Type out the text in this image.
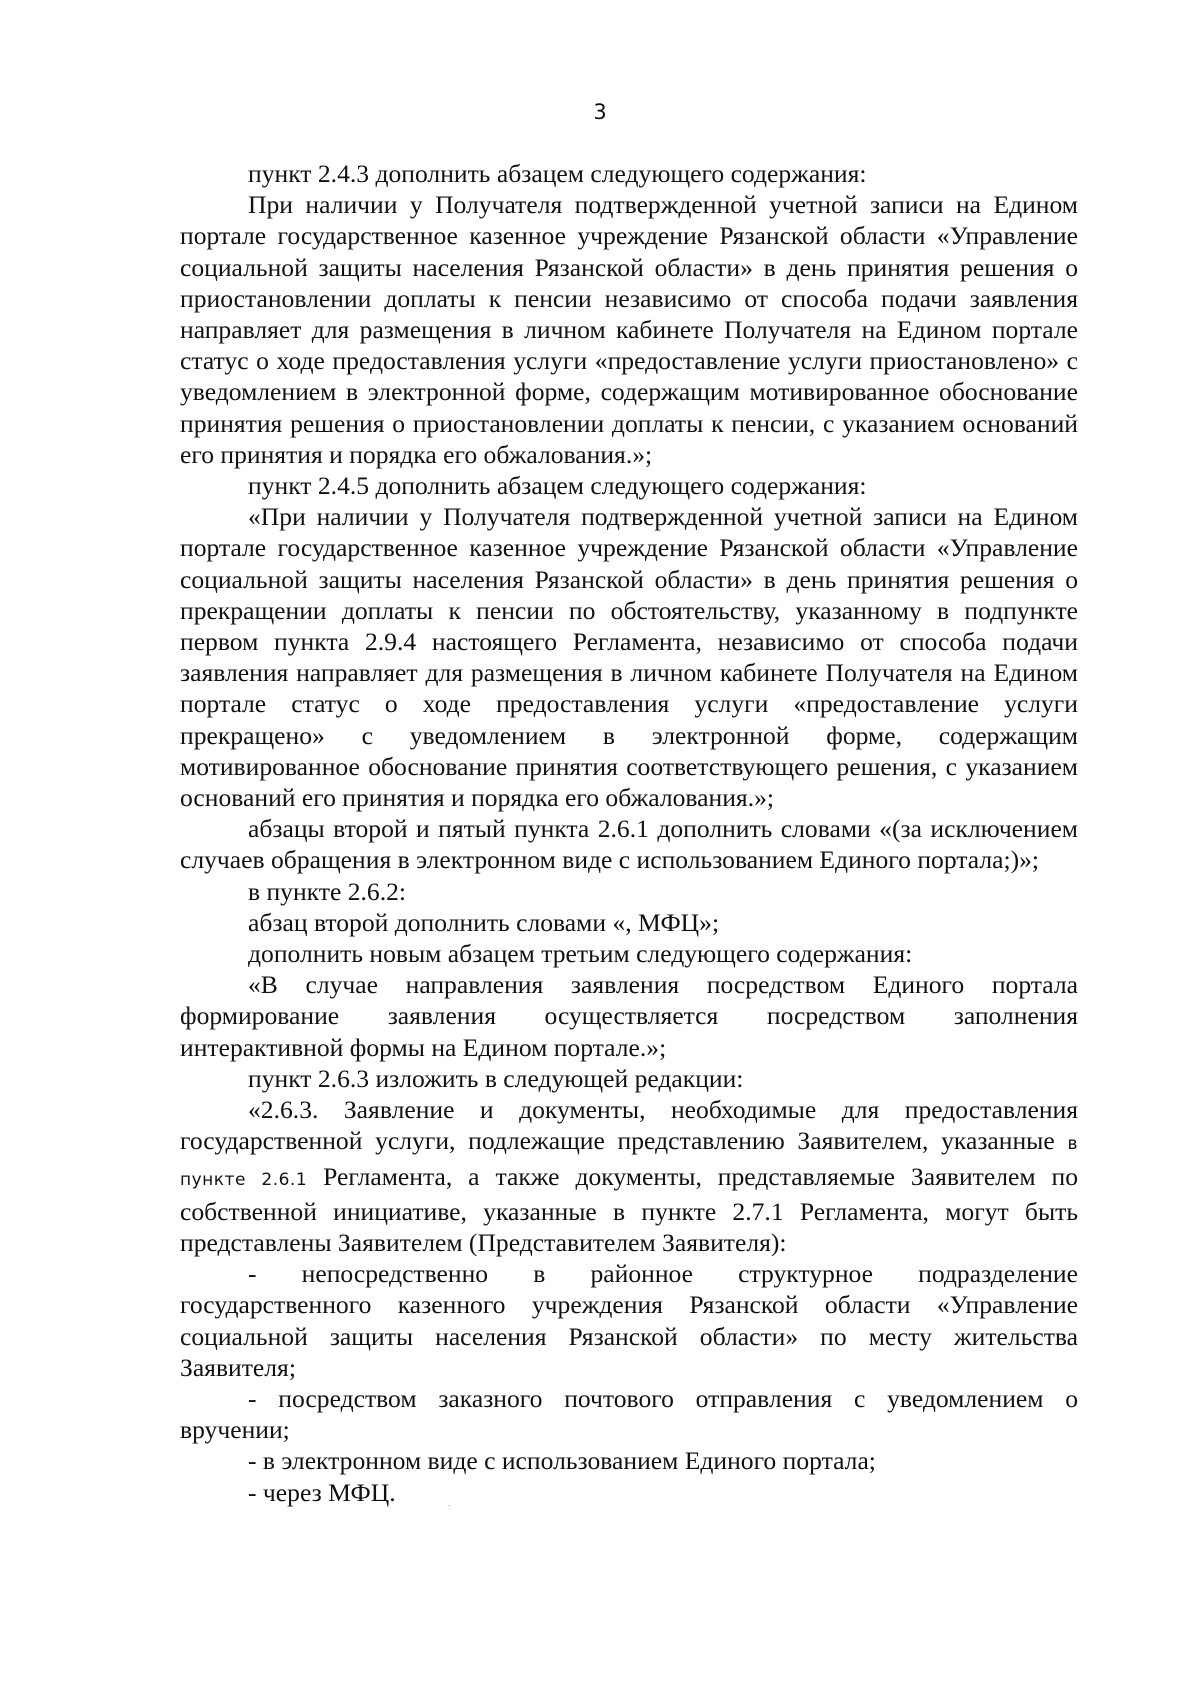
3

пункт 2.4.3 дополнить абзацем следующего содержания:

При наличии у Получателя подтвержденной учетной записи на Едином портале государственное казенное учреждение Рязанской области «Управление социальной защиты населения Рязанской области» в день принятия решения о приостановлении доплаты к пенсии независимо от способа подачи заявления направляет для размещения в личном кабинете Получателя на Едином портале статус о ходе предоставления услуги «предоставление услуги приостановлено» с уведомлением в электронной форме, содержащим мотивированное обоснование принятия решения о приостановлении доплаты к пенсии, с указанием оснований его принятия и порядка его обжалования.»;

пункт 2.4.5 дополнить абзацем следующего содержания:

«При наличии у Получателя подтвержденной учетной записи на Едином портале государственное казенное учреждение Рязанской области «Управление социальной защиты населения Рязанской области» в день принятия решения о прекращении доплаты к пенсии по обстоятельству, указанному в подпункте первом пункта 2.9.4 настоящего Регламента, независимо от способа подачи заявления направляет для размещения в личном кабинете Получателя на Едином портале статус о ходе предоставления услуги «предоставление услуги прекращено» с уведомлением в электронной форме, содержащим мотивированное обоснование принятия соответствующего решения, с указанием оснований его принятия и порядка его обжалования.»;

абзацы второй и пятый пункта 2.6.1 дополнить словами «(за исключением случаев обращения в электронном виде с использованием Единого портала;)»;

в пункте 2.6.2:

абзац второй дополнить словами «, МФЦ»;

дополнить новым абзацем третьим следующего содержания:

«В случае направления заявления посредством Единого портала формирование заявления осуществляется посредством заполнения интерактивной формы на Едином портале.»;

пункт 2.6.3 изложить в следующей редакции:

«2.6.3. Заявление и документы, необходимые для предоставления государственной услуги, подлежащие представлению Заявителем, указанные в пункте 2.6.1 Регламента, а также документы, представляемые Заявителем по собственной инициативе, указанные в пункте 2.7.1 Регламента, могут быть представлены Заявителем (Представителем Заявителя):

- непосредственно в районное структурное подразделение государственного казенного учреждения Рязанской области «Управление социальной защиты населения Рязанской области» по месту жительства Заявителя;

- посредством заказного почтового отправления с уведомлением о вручении;

- в электронном виде с использованием Единого портала;

- через МФЦ.
